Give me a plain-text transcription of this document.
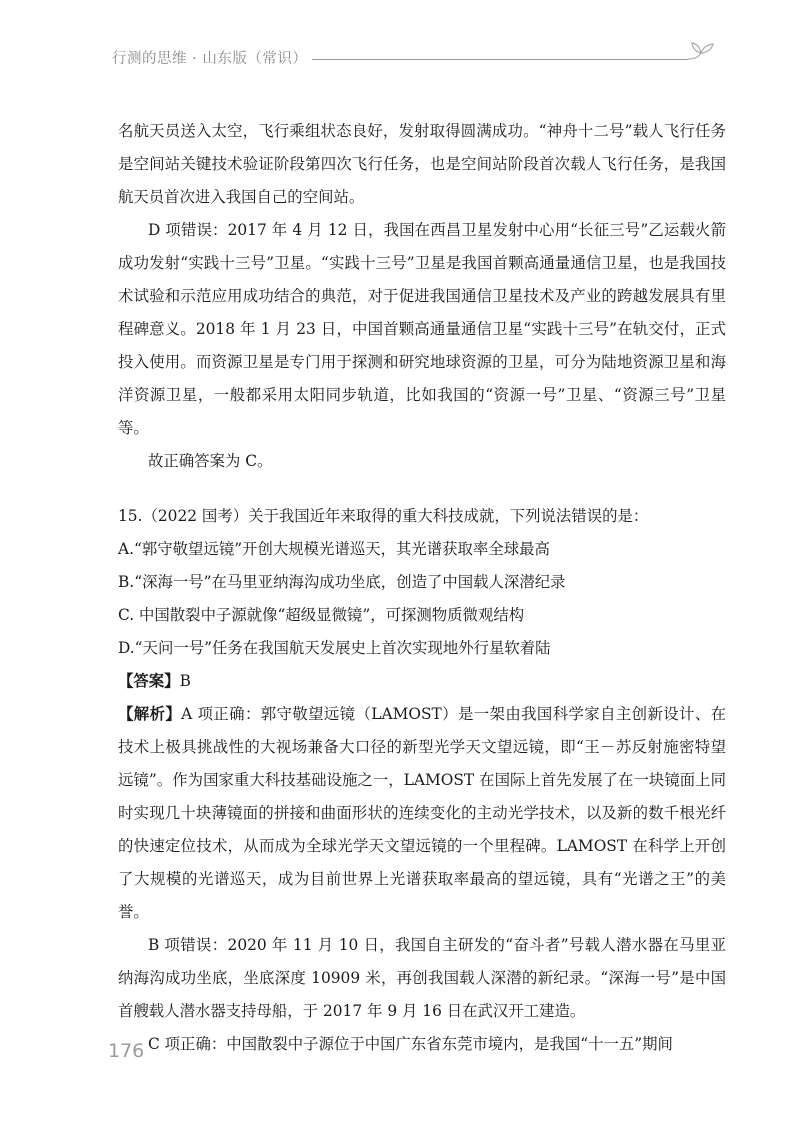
行测的思维 · 山东版（常识）

名航天员送入太空，飞行乘组状态良好，发射取得圆满成功。“神舟十二号”载人飞行任务是空间站关键技术验证阶段第四次飞行任务，也是空间站阶段首次载人飞行任务，是我国航天员首次进入我国自己的空间站。

D 项错误：2017 年 4 月 12 日，我国在西昌卫星发射中心用“长征三号”乙运载火箭成功发射“实践十三号”卫星。“实践十三号”卫星是我国首颗高通量通信卫星，也是我国技术试验和示范应用成功结合的典范，对于促进我国通信卫星技术及产业的跨越发展具有里程碑意义。2018 年 1 月 23 日，中国首颗高通量通信卫星“实践十三号”在轨交付，正式投入使用。而资源卫星是专门用于探测和研究地球资源的卫星，可分为陆地资源卫星和海洋资源卫星，一般都采用太阳同步轨道，比如我国的“资源一号”卫星、“资源三号”卫星等。

故正确答案为 C。

15.（2022 国考）关于我国近年来取得的重大科技成就，下列说法错误的是：

A.“郭守敬望远镜”开创大规模光谱巡天，其光谱获取率全球最高

B.“深海一号”在马里亚纳海沟成功坐底，创造了中国载人深潜纪录

C. 中国散裂中子源就像“超级显微镜”，可探测物质微观结构

D.“天问一号”任务在我国航天发展史上首次实现地外行星软着陆

【答案】B

【解析】A 项正确：郭守敬望远镜（LAMOST）是一架由我国科学家自主创新设计、在技术上极具挑战性的大视场兼备大口径的新型光学天文望远镜，即“王－苏反射施密特望远镜”。作为国家重大科技基础设施之一，LAMOST 在国际上首先发展了在一块镜面上同时实现几十块薄镜面的拼接和曲面形状的连续变化的主动光学技术，以及新的数千根光纤的快速定位技术，从而成为全球光学天文望远镜的一个里程碑。LAMOST 在科学上开创了大规模的光谱巡天，成为目前世界上光谱获取率最高的望远镜，具有“光谱之王”的美誉。

B 项错误：2020 年 11 月 10 日，我国自主研发的“奋斗者”号载人潜水器在马里亚纳海沟成功坐底，坐底深度 10909 米，再创我国载人深潜的新纪录。“深海一号”是中国首艘载人潜水器支持母船，于 2017 年 9 月 16 日在武汉开工建造。

C 项正确：中国散裂中子源位于中国广东省东莞市境内，是我国“十一五”期间

176
